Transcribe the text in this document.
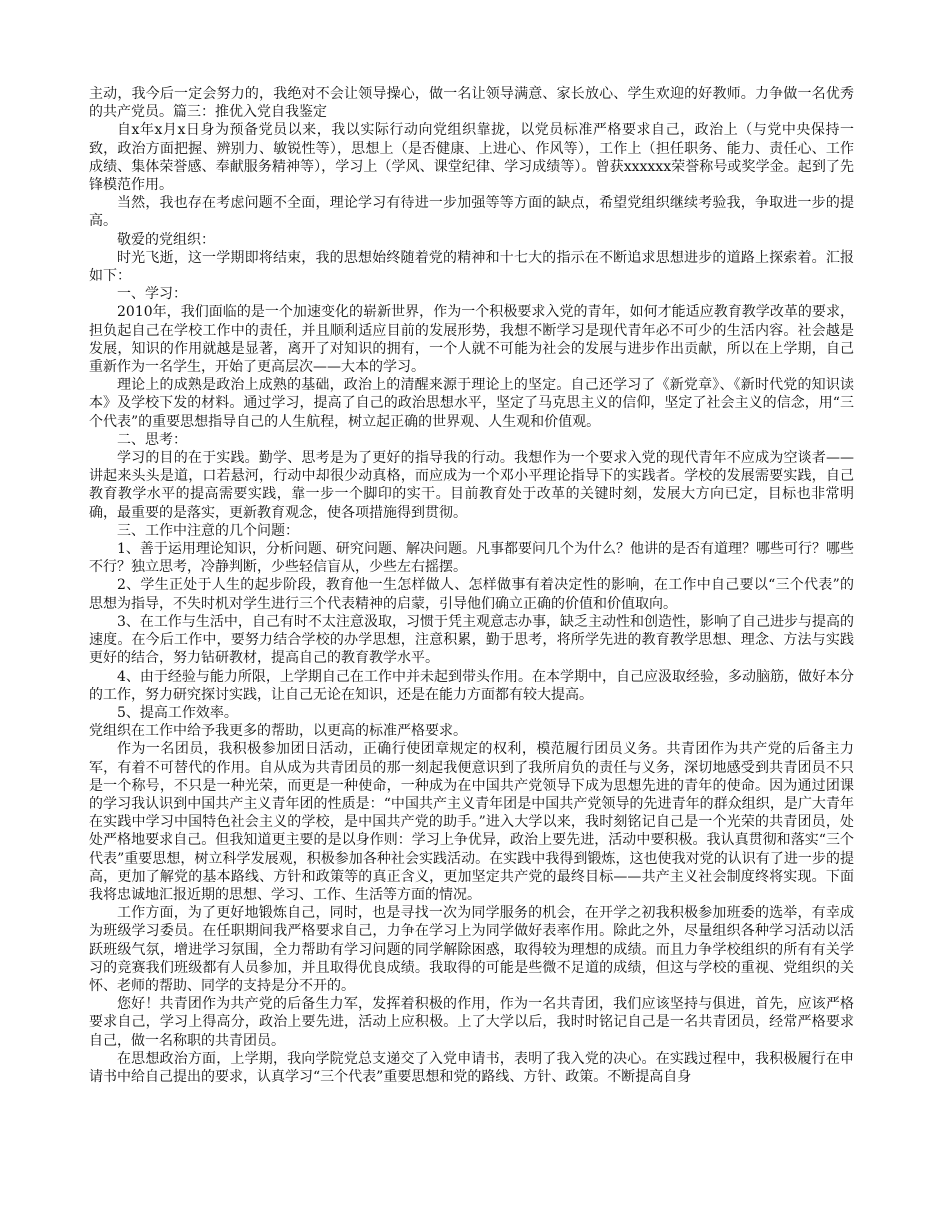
主动，我今后一定会努力的，我绝对不会让领导操心，做一名让领导满意、家长放心、学生欢迎的好教师。力争做一名优秀的共产党员。篇三：推优入党自我鉴定

自x年x月x日身为预备党员以来，我以实际行动向党组织靠拢，以党员标准严格要求自己，政治上（与党中央保持一致，政治方面把握、辨别力、敏锐性等），思想上（是否健康、上进心、作风等），工作上（担任职务、能力、责任心、工作成绩、集体荣誉感、奉献服务精神等），学习上（学风、课堂纪律、学习成绩等）。曾获xxxxxx荣誉称号或奖学金。起到了先锋模范作用。

当然，我也存在考虑问题不全面，理论学习有待进一步加强等等方面的缺点，希望党组织继续考验我，争取进一步的提高。

敬爱的党组织：

时光飞逝，这一学期即将结束，我的思想始终随着党的精神和十七大的指示在不断追求思想进步的道路上探索着。汇报如下：

一、学习：

2010年，我们面临的是一个加速变化的崭新世界，作为一个积极要求入党的青年，如何才能适应教育教学改革的要求，担负起自己在学校工作中的责任，并且顺利适应目前的发展形势，我想不断学习是现代青年必不可少的生活内容。社会越是发展，知识的作用就越是显著，离开了对知识的拥有，一个人就不可能为社会的发展与进步作出贡献，所以在上学期，自己重新作为一名学生，开始了更高层次——大本的学习。

理论上的成熟是政治上成熟的基础，政治上的清醒来源于理论上的坚定。自己还学习了《新党章》、《新时代党的知识读本》及学校下发的材料。通过学习，提高了自己的政治思想水平，坚定了马克思主义的信仰，坚定了社会主义的信念，用“三个代表”的重要思想指导自己的人生航程，树立起正确的世界观、人生观和价值观。

二、思考：

学习的目的在于实践。勤学、思考是为了更好的指导我的行动。我想作为一个要求入党的现代青年不应成为空谈者——讲起来头头是道，口若悬河，行动中却很少动真格，而应成为一个邓小平理论指导下的实践者。学校的发展需要实践，自己教育教学水平的提高需要实践，靠一步一个脚印的实干。目前教育处于改革的关键时刻，发展大方向已定，目标也非常明确，最重要的是落实，更新教育观念，使各项措施得到贯彻。

三、工作中注意的几个问题：

1、善于运用理论知识，分析问题、研究问题、解决问题。凡事都要问几个为什么？他讲的是否有道理？哪些可行？哪些不行？独立思考，冷静判断，少些轻信盲从，少些左右摇摆。

2、学生正处于人生的起步阶段，教育他一生怎样做人、怎样做事有着决定性的影响，在工作中自己要以“三个代表”的思想为指导，不失时机对学生进行三个代表精神的启蒙，引导他们确立正确的价值和价值取向。

3、在工作与生活中，自己有时不太注意汲取，习惯于凭主观意志办事，缺乏主动性和创造性，影响了自己进步与提高的速度。在今后工作中，要努力结合学校的办学思想，注意积累，勤于思考，将所学先进的教育教学思想、理念、方法与实践更好的结合，努力钻研教材，提高自己的教育教学水平。

4、由于经验与能力所限，上学期自己在工作中并未起到带头作用。在本学期中，自己应汲取经验，多动脑筋，做好本分的工作，努力研究探讨实践，让自己无论在知识，还是在能力方面都有较大提高。

5、提高工作效率。

党组织在工作中给予我更多的帮助，以更高的标准严格要求。

作为一名团员，我积极参加团日活动，正确行使团章规定的权利，模范履行团员义务。共青团作为共产党的后备主力军，有着不可替代的作用。自从成为共青团员的那一刻起我便意识到了我所肩负的责任与义务，深切地感受到共青团员不只是一个称号，不只是一种光荣，而更是一种使命，一种成为在中国共产党领导下成为思想先进的青年的使命。因为通过团课的学习我认识到中国共产主义青年团的性质是：“中国共产主义青年团是中国共产党领导的先进青年的群众组织，是广大青年在实践中学习中国特色社会主义的学校，是中国共产党的助手。”进入大学以来，我时刻铭记自己是一个光荣的共青团员，处处严格地要求自己。但我知道更主要的是以身作则：学习上争优异，政治上要先进，活动中要积极。我认真贯彻和落实“三个代表”重要思想，树立科学发展观，积极参加各种社会实践活动。在实践中我得到锻炼，这也使我对党的认识有了进一步的提高，更加了解党的基本路线、方针和政策等的真正含义，更加坚定共产党的最终目标——共产主义社会制度终将实现。下面我将忠诚地汇报近期的思想、学习、工作、生活等方面的情况。

工作方面，为了更好地锻炼自己，同时，也是寻找一次为同学服务的机会，在开学之初我积极参加班委的选举，有幸成为班级学习委员。在任职期间我严格要求自己，力争在学习上为同学做好表率作用。除此之外，尽量组织各种学习活动以活跃班级气氛，增进学习氛围，全力帮助有学习问题的同学解除困惑，取得较为理想的成绩。而且力争学校组织的所有有关学习的竞赛我们班级都有人员参加，并且取得优良成绩。我取得的可能是些微不足道的成绩，但这与学校的重视、党组织的关怀、老师的帮助、同学的支持是分不开的。

您好！共青团作为共产党的后备生力军，发挥着积极的作用，作为一名共青团，我们应该坚持与俱进，首先，应该严格要求自己，学习上得高分，政治上要先进，活动上应积极。上了大学以后，我时时铭记自己是一名共青团员，经常严格要求自己，做一名称职的共青团员。

在思想政治方面，上学期，我向学院党总支递交了入党申请书，表明了我入党的决心。在实践过程中，我积极履行在申请书中给自己提出的要求，认真学习“三个代表”重要思想和党的路线、方针、政策。不断提高自身
